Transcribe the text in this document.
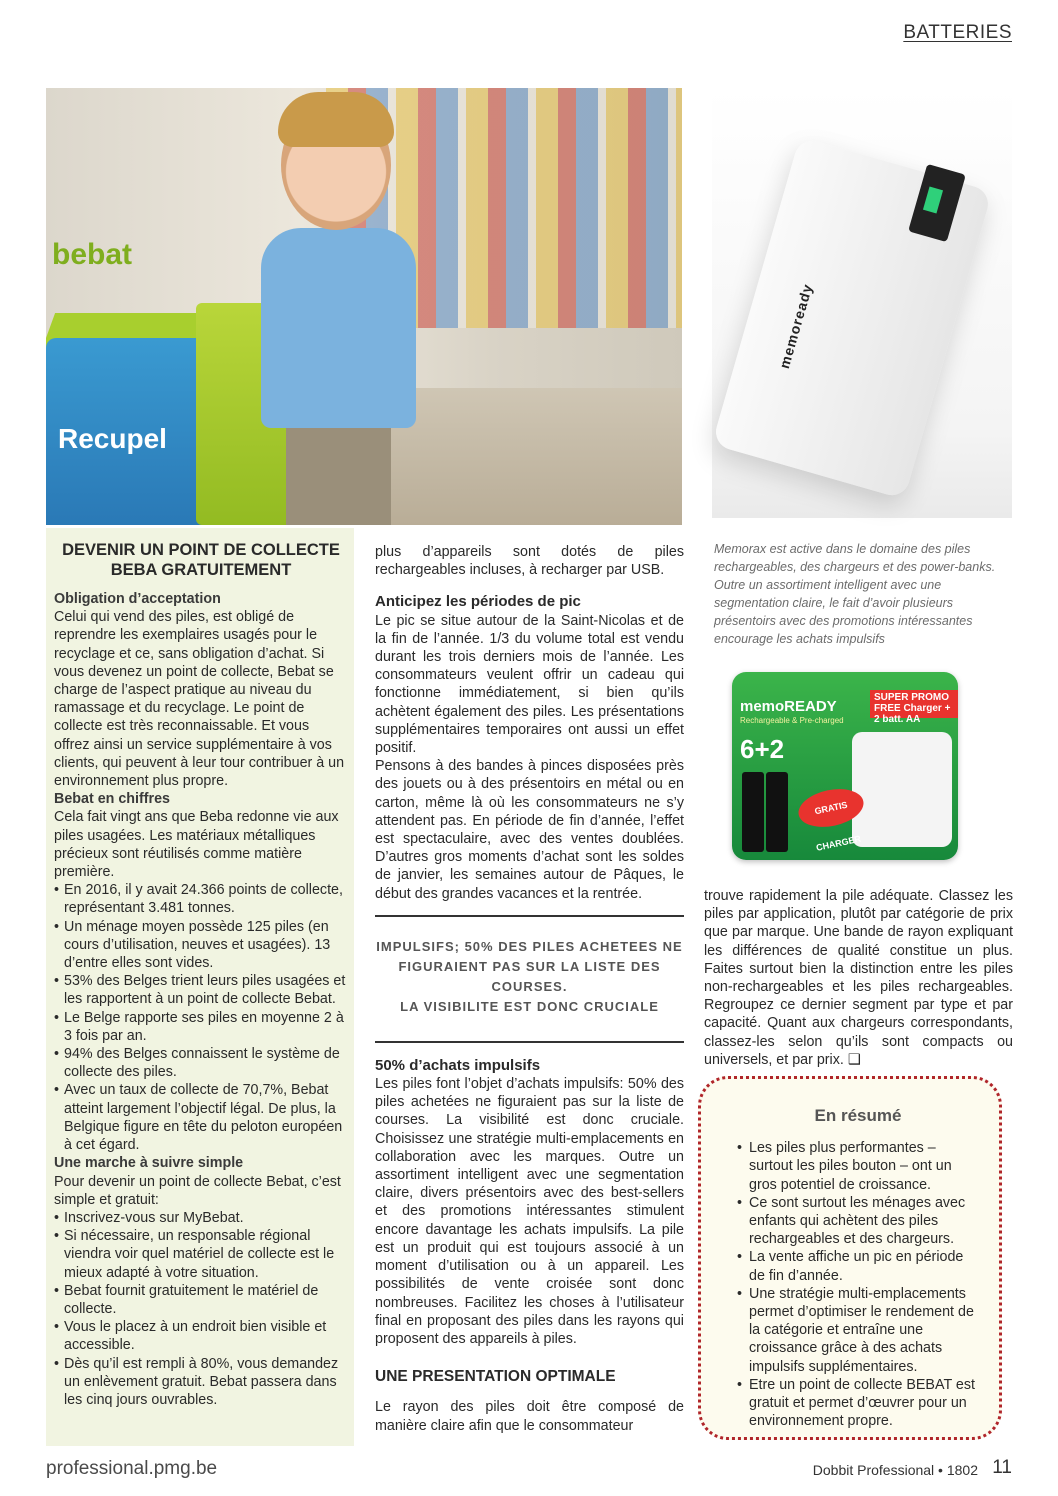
BATTERIES
bebat
Recupel
memoready
Memorax est active dans le domaine des piles rechargeables, des chargeurs et des power-banks. Outre un assortiment intelligent avec une segmentation claire, le fait d’avoir plusieurs présentoirs avec des promotions intéressantes encourage les achats impulsifs
memoREADY
SUPER PROMO FREE Charger + 2 batt. AA
Rechargeable & Pre-charged
6+2
GRATIS CHARGER
DEVENIR UN POINT DE COLLECTE BEBA GRATUITEMENT
Obligation d’acceptation

Celui qui vend des piles, est obligé de reprendre les exemplaires usagés pour le recyclage et ce, sans obligation d’achat. Si vous devenez un point de collecte, Bebat se charge de l’aspect pratique au niveau du ramassage et du recyclage. Le point de collecte est très reconnaissable. Et vous offrez ainsi un service supplémentaire à vos clients, qui peuvent à leur tour contribuer à un environnement plus propre.

Bebat en chiffres

Cela fait vingt ans que Beba redonne vie aux piles usagées. Les matériaux métalliques précieux sont réutilisés comme matière première.

• En 2016, il y avait 24.366 points de collecte, représentant 3.481 tonnes.
• Un ménage moyen possède 125 piles (en cours d’utilisation, neuves et usagées). 13 d’entre elles sont vides.
• 53% des Belges trient leurs piles usagées et les rapportent à un point de collecte Bebat.
• Le Belge rapporte ses piles en moyenne 2 à 3 fois par an.
• 94% des Belges connaissent le système de collecte des piles.
• Avec un taux de collecte de 70,7%, Bebat atteint largement l’objectif légal. De plus, la Belgique figure en tête du peloton européen à cet égard.
Une marche à suivre simple

Pour devenir un point de collecte Bebat, c’est simple et gratuit:

• Inscrivez-vous sur MyBebat.
• Si nécessaire, un responsable régional viendra voir quel matériel de collecte est le mieux adapté à votre situation.
• Bebat fournit gratuitement le matériel de collecte.
• Vous le placez à un endroit bien visible et accessible.
• Dès qu’il est rempli à 80%, vous demandez un enlèvement gratuit. Bebat passera dans les cinq jours ouvrables.

plus d’appareils sont dotés de piles rechargeables incluses, à recharger par USB.

Anticipez les périodes de pic

Le pic se situe autour de la Saint-Nicolas et de la fin de l’année. 1/3 du volume total est vendu durant les trois derniers mois de l’année. Les consommateurs veulent offrir un cadeau qui fonctionne immédiatement, si bien qu’ils achètent également des piles. Les présentations supplémentaires temporaires ont aussi un effet positif.

Pensons à des bandes à pinces disposées près des jouets ou à des présentoirs en métal ou en carton, même là où les consommateurs ne s’y attendent pas. En période de fin d’année, l’effet est spectaculaire, avec des ventes doublées. D’autres gros moments d’achat sont les soldes de janvier, les semaines autour de Pâques, le début des grandes vacances et la rentrée.

IMPULSIFS; 50% DES PILES ACHETEES NE
FIGURAIENT PAS SUR LA LISTE DES COURSES.
LA VISIBILITE EST DONC CRUCIALE
50% d’achats impulsifs

Les piles font l’objet d’achats impulsifs: 50% des piles achetées ne figuraient pas sur la liste de courses. La visibilité est donc cruciale. Choisissez une stratégie multi-emplacements en collaboration avec les marques. Outre un assortiment intelligent avec une segmentation claire, divers présentoirs avec des best-sellers et des promotions intéressantes stimulent encore davantage les achats impulsifs. La pile est un produit qui est toujours associé à un moment d’utilisation ou à un appareil. Les possibilités de vente croisée sont donc nombreuses. Facilitez les choses à l’utilisateur final en proposant des piles dans les rayons qui proposent des appareils à piles.

UNE PRESENTATION OPTIMALE

Le rayon des piles doit être composé de manière claire afin que le consommateur

trouve rapidement la pile adéquate. Classez les piles par application, plutôt par catégorie de prix que par marque. Une bande de rayon expliquant les différences de qualité constitue un plus. Faites surtout bien la distinction entre les piles non-rechargeables et les piles rechargeables. Regroupez ce dernier segment par type et par capacité. Quant aux chargeurs correspondants, classez-les selon qu’ils sont compacts ou universels, et par prix. ❑
En résumé
• Les piles plus performantes – surtout les piles bouton – ont un gros potentiel de croissance.
• Ce sont surtout les ménages avec enfants qui achètent des piles rechargeables et des chargeurs.
• La vente affiche un pic en période de fin d’année.
• Une stratégie multi-emplacements permet d’optimiser le rendement de la catégorie et entraîne une croissance grâce à des achats impulsifs supplémentaires.
• Etre un point de collecte BEBAT est gratuit et permet d’œuvrer pour un environnement propre.
professional.pmg.be	Dobbit Professional • 1802 11
